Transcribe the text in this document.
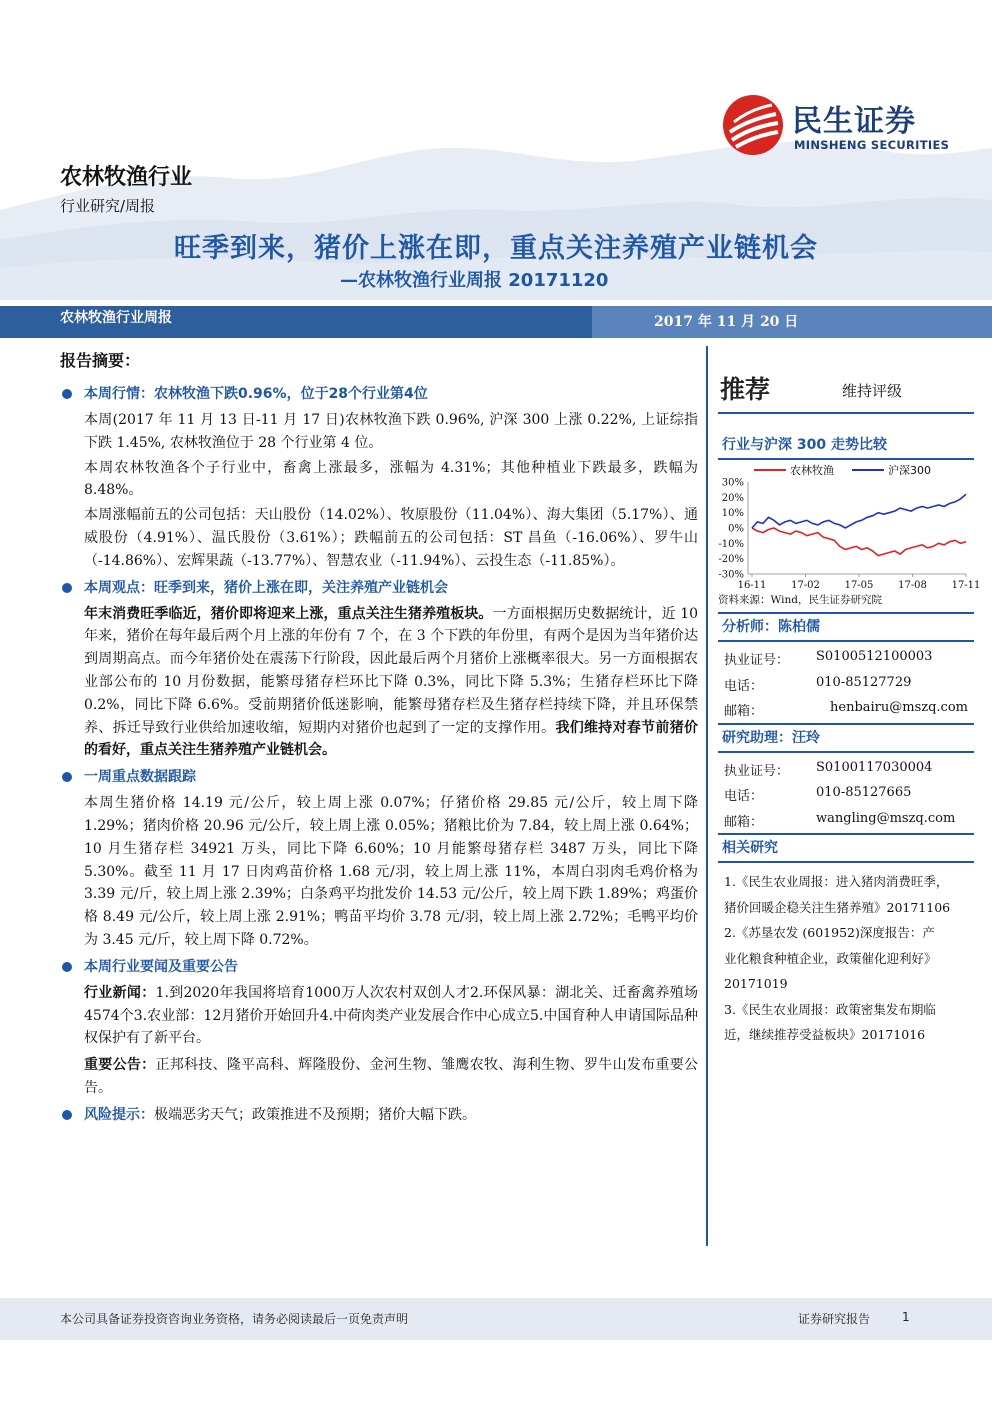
民生证券
MINSHENG SECURITIES
农林牧渔行业
行业研究/周报
旺季到来，猪价上涨在即，重点关注养殖产业链机会
—农林牧渔行业周报 20171120
农林牧渔行业周报	2017 年 11 月 20 日
报告摘要：
本周行情：农林牧渔下跌0.96%，位于28个行业第4位

本周(2017 年 11 月 13 日-11 月 17 日)农林牧渔下跌 0.96%, 沪深 300 上涨 0.22%, 上证综指下跌 1.45%, 农林牧渔位于 28 个行业第 4 位。

本周农林牧渔各个子行业中，畜禽上涨最多，涨幅为 4.31%；其他种植业下跌最多，跌幅为 8.48%。

本周涨幅前五的公司包括：天山股份（14.02%）、牧原股份（11.04%）、海大集团（5.17%）、通威股份（4.91%）、温氏股份（3.61%）；跌幅前五的公司包括：ST 昌鱼（-16.06%）、罗牛山（-14.86%）、宏辉果蔬（-13.77%）、智慧农业（-11.94%）、云投生态（-11.85%）。

本周观点：旺季到来，猪价上涨在即，关注养殖产业链机会

年末消费旺季临近，猪价即将迎来上涨，重点关注生猪养殖板块。一方面根据历史数据统计，近 10 年来，猪价在每年最后两个月上涨的年份有 7 个，在 3 个下跌的年份里，有两个是因为当年猪价达到周期高点。而今年猪价处在震荡下行阶段，因此最后两个月猪价上涨概率很大。另一方面根据农业部公布的 10 月份数据，能繁母猪存栏环比下降 0.3%，同比下降 5.3%；生猪存栏环比下降 0.2%，同比下降 6.6%。受前期猪价低迷影响，能繁母猪存栏及生猪存栏持续下降，并且环保禁养、拆迁导致行业供给加速收缩，短期内对猪价也起到了一定的支撑作用。我们维持对春节前猪价的看好，重点关注生猪养殖产业链机会。

一周重点数据跟踪

本周生猪价格 14.19 元/公斤，较上周上涨 0.07%；仔猪价格 29.85 元/公斤，较上周下降 1.29%；猪肉价格 20.96 元/公斤，较上周上涨 0.05%；猪粮比价为 7.84，较上周上涨 0.64%；10 月生猪存栏 34921 万头，同比下降 6.60%；10 月能繁母猪存栏 3487 万头，同比下降 5.30%。截至 11 月 17 日肉鸡苗价格 1.68 元/羽，较上周上涨 11%，本周白羽肉毛鸡价格为 3.39 元/斤，较上周上涨 2.39%；白条鸡平均批发价 14.53 元/公斤，较上周下跌 1.89%；鸡蛋价格 8.49 元/公斤，较上周上涨 2.91%；鸭苗平均价 3.78 元/羽，较上周上涨 2.72%；毛鸭平均价为 3.45 元/斤，较上周下降 0.72%。

本周行业要闻及重要公告

行业新闻：1.到2020年我国将培育1000万人次农村双创人才2.环保风暴：湖北关、迁畜禽养殖场4574个3.农业部：12月猪价开始回升4.中荷肉类产业发展合作中心成立5.中国育种人申请国际品种权保护有了新平台。

重要公告：正邦科技、隆平高科、辉隆股份、金河生物、雏鹰农牧、海利生物、罗牛山发布重要公告。

风险提示：极端恶劣天气；政策推进不及预期；猪价大幅下跌。
推荐	维持评级
行业与沪深 300 走势比较
农林牧渔	沪深300
30%
20%
10%
0%
-10%
-20%
-30%
16-11 17-02 17-05 17-08 17-11
资料来源：Wind，民生证券研究院
分析师：陈柏儒
执业证号： S0100512100003
电话：	010-85127729
邮箱：	henbairu@mszq.com
研究助理：汪玲
执业证号： S0100117030004
电话：	010-85127665
邮箱：	wangling@mszq.com
相关研究

1.《民生农业周报：进入猪肉消费旺季，

猪价回暖企稳关注生猪养殖》20171106

2.《苏垦农发 (601952)深度报告：产

业化粮食种植企业，政策催化迎利好》

20171019

3.《民生农业周报：政策密集发布期临

近，继续推荐受益板块》20171016

本公司具备证券投资咨询业务资格，请务必阅读最后一页免责声明	证券研究报告	1
